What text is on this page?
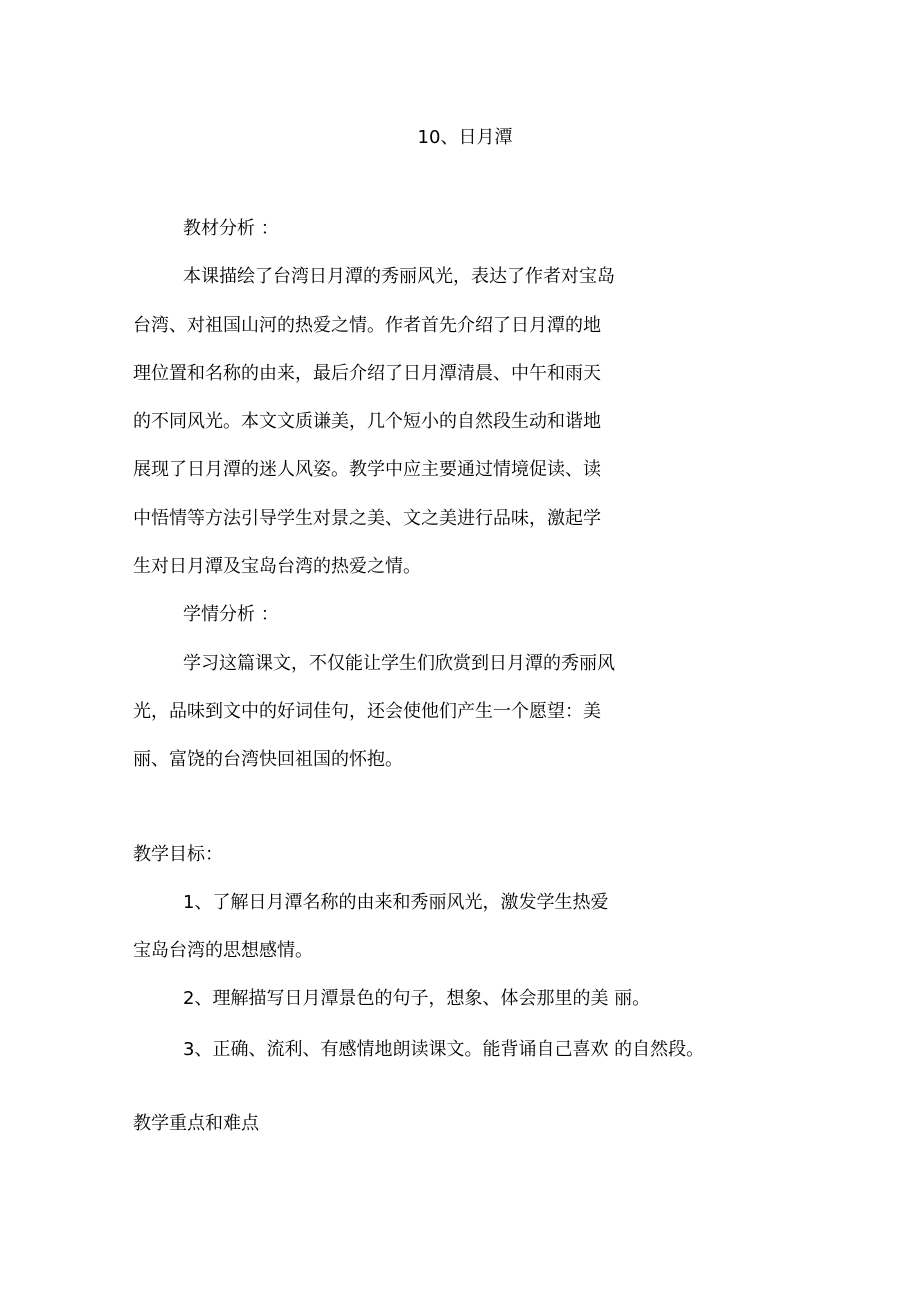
10、日月潭
教材分析 ：
本课描绘了台湾日月潭的秀丽风光，表达了作者对宝岛
台湾、对祖国山河的热爱之情。作者首先介绍了日月潭的地
理位置和名称的由来，最后介绍了日月潭清晨、中午和雨天
的不同风光。本文文质谦美，几个短小的自然段生动和谐地
展现了日月潭的迷人风姿。教学中应主要通过情境促读、读
中悟情等方法引导学生对景之美、文之美进行品味，激起学
生对日月潭及宝岛台湾的热爱之情。
学情分析 ：
学习这篇课文，不仅能让学生们欣赏到日月潭的秀丽风
光，品味到文中的好词佳句，还会使他们产生一个愿望：美
丽、富饶的台湾快回祖国的怀抱。
教学目标：
1、了解日月潭名称的由来和秀丽风光，激发学生热爱
宝岛台湾的思想感情。
2、理解描写日月潭景色的句子，想象、体会那里的美 丽。
3、正确、流利、有感情地朗读课文。能背诵自己喜欢 的自然段。
教学重点和难点
